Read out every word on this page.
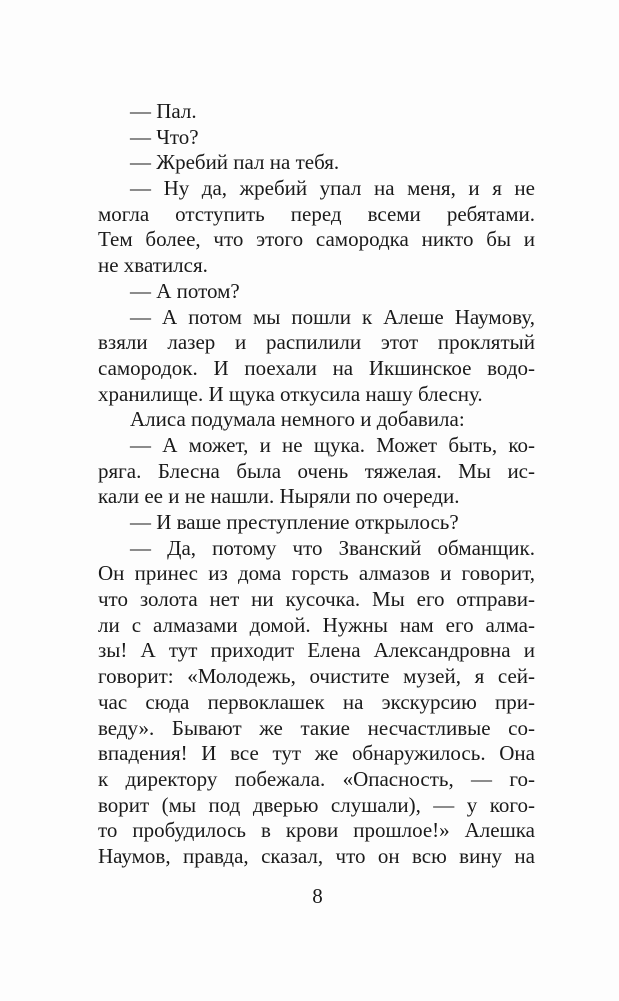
— Пал.
— Что?
— Жребий пал на тебя.
— Ну да, жребий упал на меня, и я не
могла отступить перед всеми ребятами.
Тем более, что этого самородка никто бы и
не хватился.
— А потом?
— А потом мы пошли к Алеше Наумову,
взяли лазер и распилили этот проклятый
самородок. И поехали на Икшинское водо-
хранилище. И щука откусила нашу блесну.
Алиса подумала немного и добавила:
— А может, и не щука. Может быть, ко-
ряга. Блесна была очень тяжелая. Мы ис-
кали ее и не нашли. Ныряли по очереди.
— И ваше преступление открылось?
— Да, потому что Званский обманщик.
Он принес из дома горсть алмазов и говорит,
что золота нет ни кусочка. Мы его отправи-
ли с алмазами домой. Нужны нам его алма-
зы! А тут приходит Елена Александровна и
говорит: «Молодежь, очистите музей, я сей-
час сюда первоклашек на экскурсию при-
веду». Бывают же такие несчастливые со-
впадения! И все тут же обнаружилось. Она
к директору побежала. «Опасность, — го-
ворит (мы под дверью слушали), — у кого-
то пробудилось в крови прошлое!» Алешка
Наумов, правда, сказал, что он всю вину на
8
